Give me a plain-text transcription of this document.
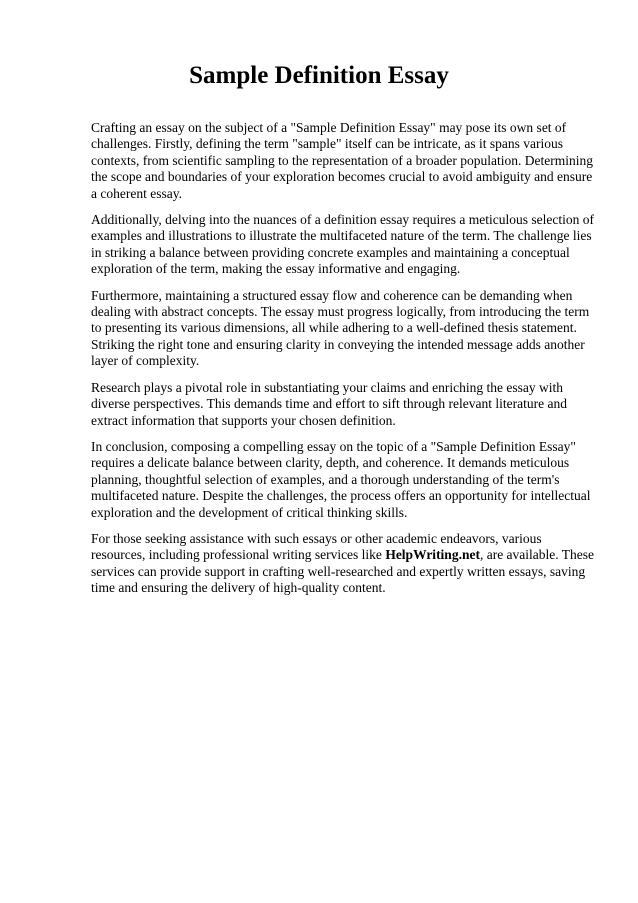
Sample Definition Essay

Crafting an essay on the subject of a "Sample Definition Essay" may pose its own set of challenges. Firstly, defining the term "sample" itself can be intricate, as it spans various contexts, from scientific sampling to the representation of a broader population. Determining the scope and boundaries of your exploration becomes crucial to avoid ambiguity and ensure a coherent essay.

Additionally, delving into the nuances of a definition essay requires a meticulous selection of examples and illustrations to illustrate the multifaceted nature of the term. The challenge lies in striking a balance between providing concrete examples and maintaining a conceptual exploration of the term, making the essay informative and engaging.

Furthermore, maintaining a structured essay flow and coherence can be demanding when dealing with abstract concepts. The essay must progress logically, from introducing the term to presenting its various dimensions, all while adhering to a well-defined thesis statement. Striking the right tone and ensuring clarity in conveying the intended message adds another layer of complexity.

Research plays a pivotal role in substantiating your claims and enriching the essay with diverse perspectives. This demands time and effort to sift through relevant literature and extract information that supports your chosen definition.

In conclusion, composing a compelling essay on the topic of a "Sample Definition Essay" requires a delicate balance between clarity, depth, and coherence. It demands meticulous planning, thoughtful selection of examples, and a thorough understanding of the term's multifaceted nature. Despite the challenges, the process offers an opportunity for intellectual exploration and the development of critical thinking skills.

For those seeking assistance with such essays or other academic endeavors, various resources, including professional writing services like HelpWriting.net, are available. These services can provide support in crafting well-researched and expertly written essays, saving time and ensuring the delivery of high-quality content.
